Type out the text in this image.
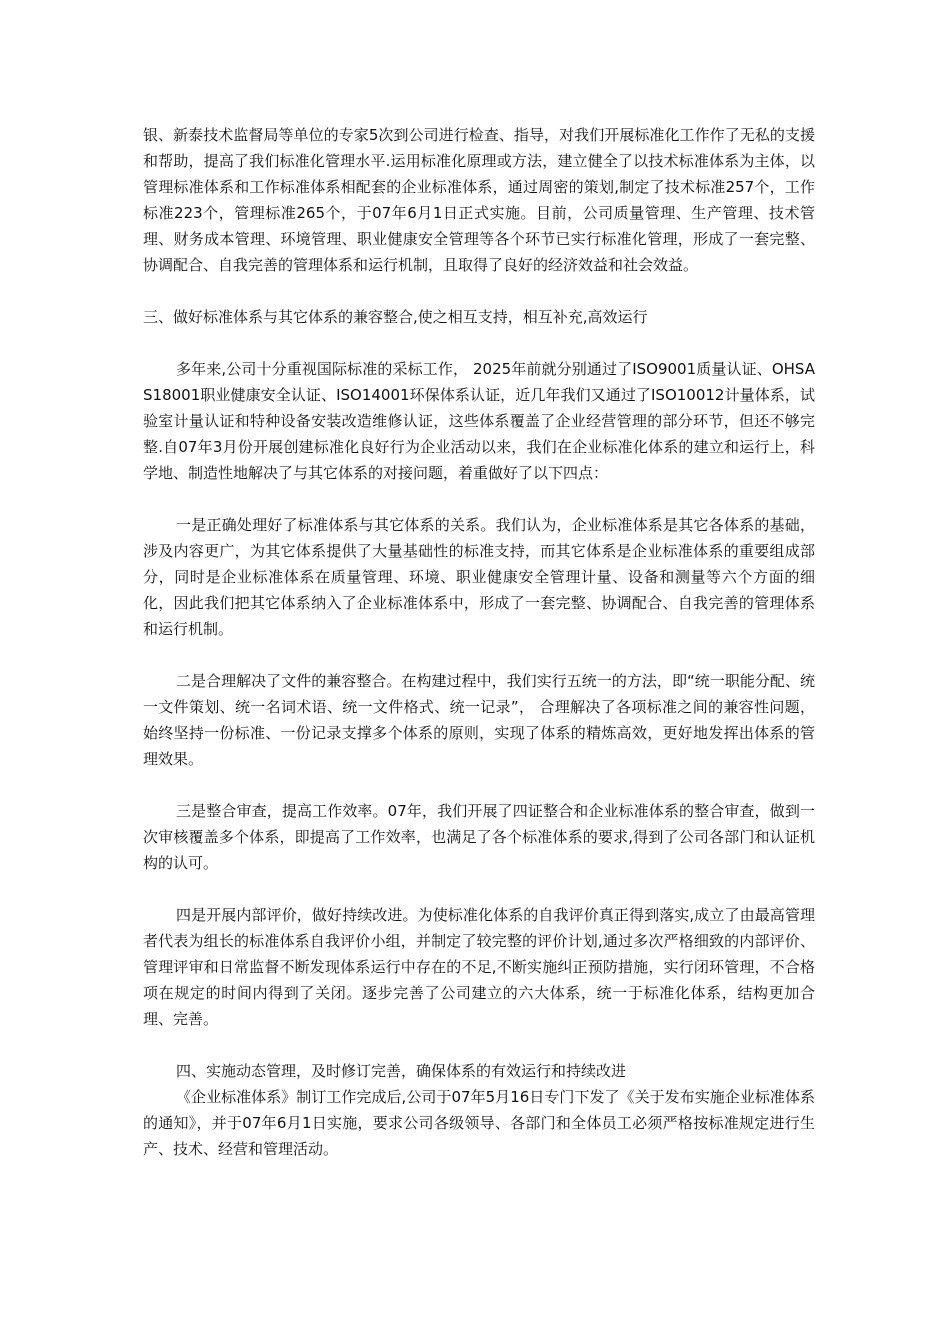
银、新泰技术监督局等单位的专家5次到公司进行检查、指导，对我们开展标准化工作作了无私的支援和帮助，提高了我们标准化管理水平.运用标准化原理或方法，建立健全了以技术标准体系为主体，以管理标准体系和工作标准体系相配套的企业标准体系，通过周密的策划,制定了技术标准257个，工作标准223个，管理标准265个，于07年6月1日正式实施。目前，公司质量管理、生产管理、技术管理、财务成本管理、环境管理、职业健康安全管理等各个环节已实行标准化管理，形成了一套完整、协调配合、自我完善的管理体系和运行机制，且取得了良好的经济效益和社会效益。

三、做好标准体系与其它体系的兼容整合,使之相互支持，相互补充,高效运行

多年来,公司十分重视国际标准的采标工作， 2025年前就分别通过了ISO9001质量认证、OHSAS18001职业健康安全认证、ISO14001环保体系认证，近几年我们又通过了ISO10012计量体系，试验室计量认证和特种设备安装改造维修认证，这些体系覆盖了企业经营管理的部分环节，但还不够完整.自07年3月份开展创建标准化良好行为企业活动以来，我们在企业标准化体系的建立和运行上，科学地、制造性地解决了与其它体系的对接问题，着重做好了以下四点：

一是正确处理好了标准体系与其它体系的关系。我们认为，企业标准体系是其它各体系的基础，涉及内容更广，为其它体系提供了大量基础性的标准支持，而其它体系是企业标准体系的重要组成部分，同时是企业标准体系在质量管理、环境、职业健康安全管理计量、设备和测量等六个方面的细化，因此我们把其它体系纳入了企业标准体系中，形成了一套完整、协调配合、自我完善的管理体系和运行机制。

二是合理解决了文件的兼容整合。在构建过程中，我们实行五统一的方法，即“统一职能分配、统一文件策划、统一名词术语、统一文件格式、统一记录”， 合理解决了各项标准之间的兼容性问题，始终坚持一份标准、一份记录支撑多个体系的原则，实现了体系的精炼高效，更好地发挥出体系的管理效果。

三是整合审查，提高工作效率。07年，我们开展了四证整合和企业标准体系的整合审查，做到一次审核覆盖多个体系，即提高了工作效率，也满足了各个标准体系的要求,得到了公司各部门和认证机构的认可。

四是开展内部评价，做好持续改进。为使标准化体系的自我评价真正得到落实,成立了由最高管理者代表为组长的标准体系自我评价小组，并制定了较完整的评价计划,通过多次严格细致的内部评价、管理评审和日常监督不断发现体系运行中存在的不足,不断实施纠正预防措施，实行闭环管理，不合格项在规定的时间内得到了关闭。逐步完善了公司建立的六大体系，统一于标准化体系，结构更加合理、完善。

四、实施动态管理，及时修订完善，确保体系的有效运行和持续改进

《企业标准体系》制订工作完成后,公司于07年5月16日专门下发了《关于发布实施企业标准体系的通知》，并于07年6月1日实施，要求公司各级领导、各部门和全体员工必须严格按标准规定进行生产、技术、经营和管理活动。
